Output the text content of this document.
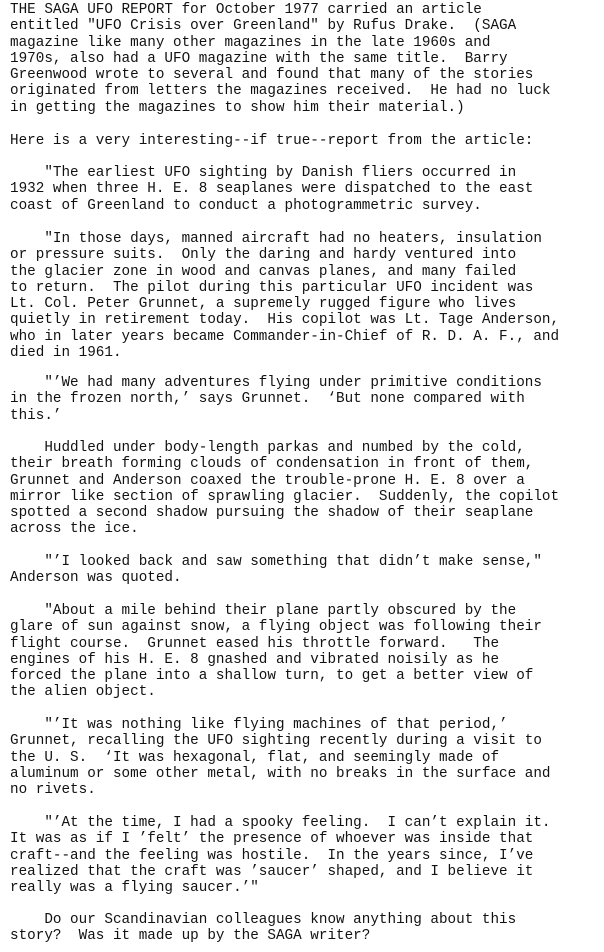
THE SAGA UFO REPORT for October 1977 carried an article
entitled "UFO Crisis over Greenland" by Rufus Drake.  (SAGA
magazine like many other magazines in the late 1960s and
1970s, also had a UFO magazine with the same title.  Barry
Greenwood wrote to several and found that many of the stories
originated from letters the magazines received.  He had no luck
in getting the magazines to show him their material.)

Here is a very interesting--if true--report from the article:

"The earliest UFO sighting by Danish fliers occurred in
1932 when three H. E. 8 seaplanes were dispatched to the east
coast of Greenland to conduct a photogrammetric survey.

"In those days, manned aircraft had no heaters, insulation
or pressure suits.  Only the daring and hardy ventured into
the glacier zone in wood and canvas planes, and many failed
to return.  The pilot during this particular UFO incident was
Lt. Col. Peter Grunnet, a supremely rugged figure who lives
quietly in retirement today.  His copilot was Lt. Tage Anderson,
who in later years became Commander-in-Chief of R. D. A. F., and
died in 1961.

"’We had many adventures flying under primitive conditions
in the frozen north,’ says Grunnet.  ‘But none compared with
this.’

Huddled under body-length parkas and numbed by the cold,
their breath forming clouds of condensation in front of them,
Grunnet and Anderson coaxed the trouble-prone H. E. 8 over a
mirror like section of sprawling glacier.  Suddenly, the copilot
spotted a second shadow pursuing the shadow of their seaplane
across the ice.

"’I looked back and saw something that didn’t make sense,"
Anderson was quoted.

"About a mile behind their plane partly obscured by the
glare of sun against snow, a flying object was following their
flight course.  Grunnet eased his throttle forward.   The
engines of his H. E. 8 gnashed and vibrated noisily as he
forced the plane into a shallow turn, to get a better view of
the alien object.

"’It was nothing like flying machines of that period,’
Grunnet, recalling the UFO sighting recently during a visit to
the U. S.  ‘It was hexagonal, flat, and seemingly made of
aluminum or some other metal, with no breaks in the surface and
no rivets.

"’At the time, I had a spooky feeling.  I can’t explain it.
It was as if I ’felt’ the presence of whoever was inside that
craft--and the feeling was hostile.  In the years since, I’ve
realized that the craft was ’saucer’ shaped, and I believe it
really was a flying saucer.’"

Do our Scandinavian colleagues know anything about this
story?  Was it made up by the SAGA writer?
